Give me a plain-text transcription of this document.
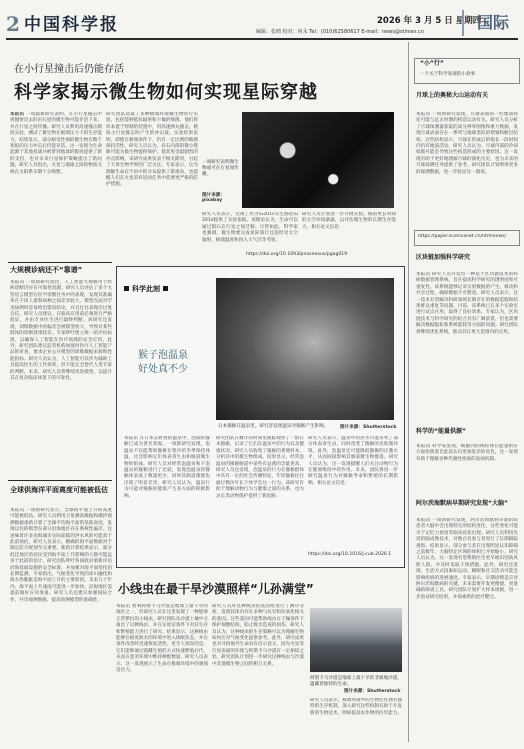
2 中国科学报	2026 年 3 月 5 日 星期四
编辑：张晴 校对：何永 Tel：(010)62580617 E-mail：news@stimes.cn	国际
在小行星撞击后仍能存活
科学家揭示微生物如何实现星际穿越
本报讯 一项最新研究表明，在小行星撞击中被抛射出去的岩石里的微生物可能存活下来，并在行星之间传播。研究人员利用高速撞击模拟实验，测试了微生物在极端压力下的生存能力。结果显示，部分耐受性强的微生物在数千兆帕的压力冲击后仍能存活。这一发现为生命起源于其他星球并被带到地球的假说提供了新的支持，也对未来行星保护策略提出了新问题。研究人员指出，火星与地球之间的物质交换在太阳系早期十分频繁。
研究团队选取了多种极端环境微生物进行实验，包括能够抵抗辐射和干燥的细菌。他们将样本置于特制的装置中，用高速弹丸撞击，模拟小行星撞击时产生的冲击波。实验结果表明，即使在极端条件下，仍有一定比例的细菌保持活性。研究人员认为，岩石内部的微小缝隙可能为微生物提供保护，使其免受最剧烈的冲击影响。该研究成果发表于相关期刊，引起了天体生物学界的广泛关注。专家表示，这为理解生命在宇宙中的分布提供了新视角，也提醒人们在火星采样返回任务中需要更严格的防护措施。
一项研究表明微生物或可在行星间传播。
图片来源：pixabay
研究人员表示，这项工作为\u201c有生源论\u201d提供了实验依据。该理论认为，生命可以通过陨石在行星之间迁移。尽管如此，科学家也强调，微生物要完成星际旅行还需经受太空辐射、极端温度和再入大气层等考验。
研究人员计划进一步开展实验，模拟更长时间的太空环境暴露，以评估微生物的长期生存能力。相关论文信息：
https://doi.org/10.1093/pnasnexus/pgag019
大规模诊病还不“靠谱”
本报讯 一项新研究指出，人工智能大规模用于疾病诊断仍存在可靠性问题。研究人员评估了多个大型语言模型在医学诊断任务中的表现，发现其准确率在不同人群和病种之间差异较大。模型在面对罕见病例时容易给出错误结论，并且往往表现出过度自信。研究人员建议，在临床应用前必须进行严格验证，并由专业医生进行最终判断。该研究还发现，训练数据中的偏差会被模型放大，导致对某些群体的诊断效果较差。专家呼吁建立统一的评估标准，以确保人工智能在医疗领域的安全应用。此外，研究团队建议监管机构加强对医疗人工智能产品的审查，要求企业公开模型的训练数据来源和性能指标。研究人员认为，人工智能可以作为辅助工具提高医生的工作效率，但不能完全替代人类专家的判断。未来，研究人员将继续改进模型，以提升其在复杂临床场景下的可靠性。
全球供海洋平面离度可能被低估
本报讯 一项新研究显示，全球海平面上升的高度可能被低估。研究人员利用卫星测高数据和潮汐观测数据重新计算了全球平均海平面的基准高度，发现以往的模型在部分沿海地区存在系统性偏差。这意味着许多沿海城市实际面临的洪水风险可能高于此前预估。研究人员表示，精确的海平面数据对于制定防灾规划至关重要。新的计算结果显示，部分低洼地区的居民受到海平面上升影响的人数可能远多于此前的估计。研究团队呼吁各国政府重新评估沿海基础设施的安全标准，并加强对海平面变化的长期监测。专家指出，气候变化导致的冰川融化和海水热膨胀是海平面上升的主要原因。未来几十年内，海平面上升速度可能进一步加快，沿海地区需提前做好应对准备。研究人员还建议加强国际合作，共享观测数据，提高预测模型的准确性。
科学此刻
猴子泡温泉
好处真不少
日本猕猴在温泉里。研究者发现温泉对猕猴产生影响。	图片来源：Shutterstock
本报讯 在日本长野县的温泉中，泡澡的猕猴已成为著名景观。一项新研究发现，泡温泉不仅能帮助猕猴在寒冷的冬季保持体温，还会影响它们体表寄生虫和肠道微生物的组成。研究人员对经常泡温泉和不泡温泉的猕猴进行了比较，发现泡温泉的猕猴体表虱子数量更少，同时其肠道菌群也出现了明显差异。研究人员认为，温泉行为可能对猕猴的健康产生多方面的积极影响。
研究团队在数年的时间里跟踪观察了一群日本猕猴，记录了它们在温泉中的行为以及健康状况。研究人员收集了猕猴的粪便样本，分析其中的微生物组成。结果显示，经常泡温泉的猕猴肠道中某些有益菌的含量更高。研究人员还发现，泡温泉的行为在猕猴群体中具有一定的社会传播特征，年轻猕猴往往通过模仿年长个体学会这一行为。该研究有助于理解动物行为与健康之间的关系，也为灵长类动物保护提供了新思路。
研究人员表示，温泉中的热水可能杀死了部分体表寄生虫，同时改变了猕猴的皮肤微环境。此外，泡温泉还可能降低猕猴的应激水平，从而间接影响其肠道微生物群落。研究人员认为，这一发现提醒人们关注动物行为在健康维持中的作用。未来，团队将进一步研究温泉行为对猕猴寿命和繁殖的长期影响。相关论文信息：
https://doi.org/10.1016/j.cub.2026.1
小线虫在最干旱沙漠照样“儿孙满堂”
本报讯 智利阿塔卡马沙漠是地球上最干旱的地区之一，但研究人员在这里发现了一种能够正常繁衍的小线虫。研究团队从沙漠土壤中分离出了这种线虫，并在实验室条件下对其生存和繁殖能力进行了研究。结果显示，这种线虫能够在极度缺水的环境中进入休眠状态，并在条件改善时迅速恢复活性。更令人惊讶的是，它们能够通过孤雌生殖的方式快速繁殖后代，从而在恶劣环境中维持种群数量。研究人员表示，这一发现展示了生命在极端环境中的顽强适应力。
研究人员对这种线虫的基因组进行了测序分析，发现其体内存在多种与抗旱和抗氧化相关的基因。这些基因可能帮助线虫在干燥条件下保护细胞结构，防止脱水造成的损伤。研究人员认为，这种线虫的生存策略可以为理解生物如何应对气候变化提供参考。此外，研究成果也对寻找地外生命具有启示意义，因为火星等行星表面的环境与阿塔卡马沙漠有一定相似之处。研究团队计划进一步研究这种线虫与沙漠中其他微生物之间的相互关系。
阿塔卡马沙漠是地球上最干旱的非极地沙漠，蕴藏着独特的生命。
图片来源：Shutterstock
研究人员表示，极端环境中的生物往往拥有独特的生存机制，深入研究这些机制有助于开发新的生物技术，例如提高农作物的抗旱能力。
“小”行”
一个关于科学发现的小故事
月球上的奥秘大山运动有关
本报讯 一项新研究发现，月球表面的一些地质特征可能与远古时期的构造运动有关。研究人员分析了月球探测器获取的高分辨率图像和重力数据，发现月球表面存在一系列与地球类似的褶皱和断层结构。这些结构显示，月球在形成后的很长一段时间内仍有地质活动。研究人员认为，月球内部的冷却收缩可能是导致这些构造形成的主要原因。这一发现有助于更好地理解月球的演化历史，也为未来的月球探测任务提供了参考。研究团队计划利用更多的探测数据，进一步验证这一假说。
https://paper.sciencenet.cn/htmlnews/
区块链加强科学研究
本报讯 研究人员开发出一种基于区块链技术的科研数据管理系统，旨在提高科学研究的透明度和可重复性。该系统能够记录实验数据的产生、修改和共享过程，确保数据不可篡改。研究人员表示，这一技术有望解决科研领域长期存在的数据造假和结果难以重复等问题。目前，该系统已在多个实验室进行试点应用，取得了良好效果。专家认为，区块链技术与科学研究的结合具有广阔前景，但也需要解决数据隐私和系统能耗等方面的问题。研究团队将继续优化系统，推动其在更大范围内的应用。
科学的“能量供源”
本报讯 科学家发现，细胞内的线粒体在能量供应方面扮演着比此前认识更加复杂的角色，这一发现有助于理解多种代谢性疾病的发病机制。
阿尔茨海默病早期研究发现“大脑”
本报讯 一项新研究发现，阿尔茨海默病早期阶段患者大脑中会出现特定的结构变化，这些变化可能早于记忆力衰退等临床症状出现。研究人员利用先进的脑成像技术，对数百名参与者进行了长期跟踪观察。结果显示，部分参与者在出现明显认知障碍之前数年，大脑特定区域的体积已开始缩小。研究人员认为，这一发现有望帮助医生更早地识别高风险人群，并及时采取干预措施。此外，研究还发现，生活方式因素如运动、睡眠和社交活动可能会影响疾病的进展速度。专家表示，早期诊断是应对阿尔茨海默病的关键，未来需要开发更便捷、更准确的筛查工具。研究团队计划扩大样本规模，进一步验证研究结果，并探索新的治疗靶点。
